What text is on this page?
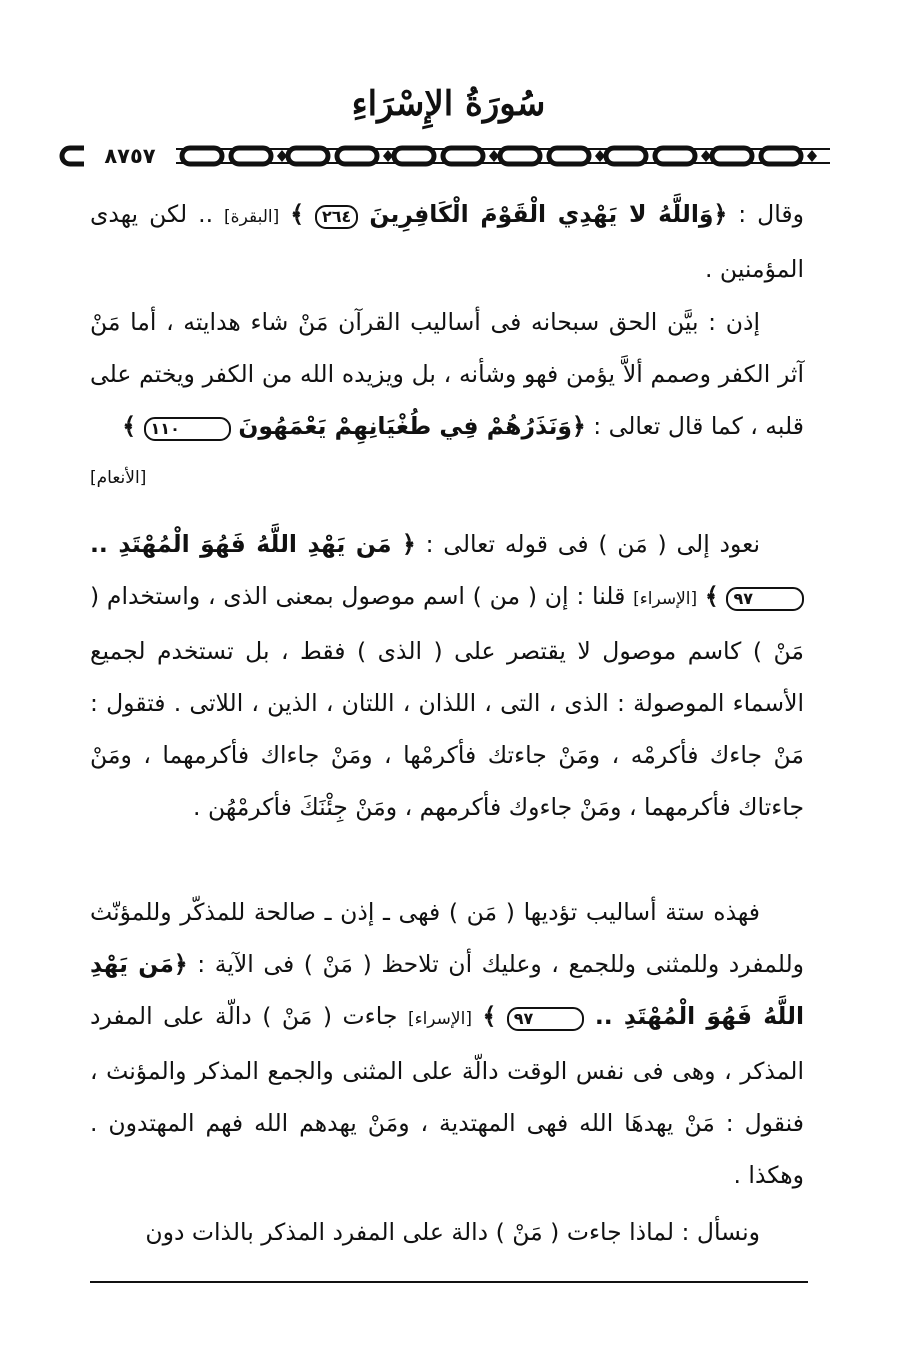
سُورَةُ الإِسْرَاءِ
٨٧٥٧

وقال : ﴿وَاللَّهُ لا يَهْدِي الْقَوْمَ الْكَافِرِينَ ٢٦٤ ﴾ [البقرة] .. لكن يهدى المؤمنين .

إذن : بيَّن الحق سبحانه فى أساليب القرآن مَنْ شاء هدايته ، أما مَنْ آثر الكفر وصمم ألاَّ يؤمن فهو وشأنه ، بل ويزيده الله من الكفر ويختم على قلبه ، كما قال تعالى : ﴿وَنَذَرُهُمْ فِي طُغْيَانِهِمْ يَعْمَهُونَ ١١٠ ﴾
[الأنعام]

نعود إلى ( مَن ) فى قوله تعالى : ﴿ مَن يَهْدِ اللَّهُ فَهُوَ الْمُهْتَدِ .. ٩٧ ﴾ [الإسراء] قلنا : إن ( من ) اسم موصول بمعنى الذى ، واستخدام ( مَنْ ) كاسم موصول لا يقتصر على ( الذى ) فقط ، بل تستخدم لجميع الأسماء الموصولة : الذى ، التى ، اللذان ، اللتان ، الذين ، اللاتى . فتقول : مَنْ جاءك فأكرمْه ، ومَنْ جاءتك فأكرمْها ، ومَنْ جاءاك فأكرمهما ، ومَنْ جاءتاك فأكرمهما ، ومَنْ جاءوك فأكرمهم ، ومَنْ جِئْنَكَ فأكرمْهُن .

فهذه ستة أساليب تؤديها ( مَن ) فهى ـ إذن ـ صالحة للمذكّر وللمؤنّث وللمفرد وللمثنى وللجمع ، وعليك أن تلاحظ ( مَنْ ) فى الآية : ﴿مَن يَهْدِ اللَّهُ فَهُوَ الْمُهْتَدِ .. ٩٧ ﴾ [الإسراء] جاءت ( مَنْ ) دالّة على المفرد المذكر ، وهى فى نفس الوقت دالّة على المثنى والجمع المذكر والمؤنث ، فنقول : مَنْ يهدهَا الله فهى المهتدية ، ومَنْ يهدهم الله فهم المهتدون . وهكذا .

ونسأل : لماذا جاءت ( مَنْ ) دالة على المفرد المذكر بالذات دون
